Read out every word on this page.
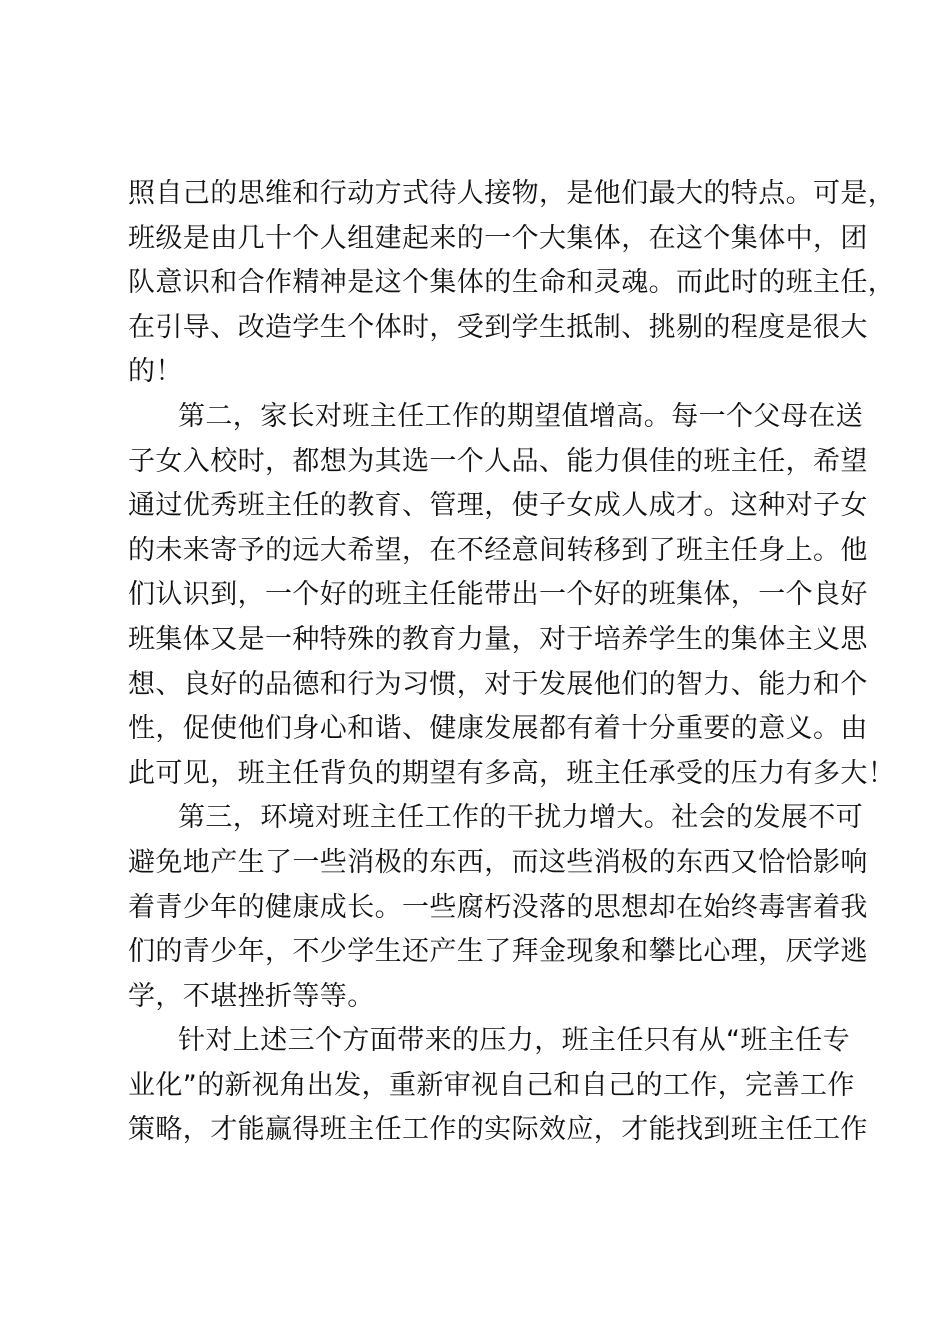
照自己的思维和行动方式待人接物，是他们最大的特点。可是，
班级是由几十个人组建起来的一个大集体，在这个集体中，团
队意识和合作精神是这个集体的生命和灵魂。而此时的班主任，
在引导、改造学生个体时，受到学生抵制、挑剔的程度是很大
的！
第二，家长对班主任工作的期望值增高。每一个父母在送
子女入校时，都想为其选一个人品、能力俱佳的班主任，希望
通过优秀班主任的教育、管理，使子女成人成才。这种对子女
的未来寄予的远大希望，在不经意间转移到了班主任身上。他
们认识到，一个好的班主任能带出一个好的班集体，一个良好
班集体又是一种特殊的教育力量，对于培养学生的集体主义思
想、良好的品德和行为习惯，对于发展他们的智力、能力和个
性，促使他们身心和谐、健康发展都有着十分重要的意义。由
此可见，班主任背负的期望有多高，班主任承受的压力有多大！
第三，环境对班主任工作的干扰力增大。社会的发展不可
避免地产生了一些消极的东西，而这些消极的东西又恰恰影响
着青少年的健康成长。一些腐朽没落的思想却在始终毒害着我
们的青少年，不少学生还产生了拜金现象和攀比心理，厌学逃
学，不堪挫折等等。
针对上述三个方面带来的压力，班主任只有从“班主任专
业化”的新视角出发，重新审视自己和自己的工作，完善工作
策略，才能赢得班主任工作的实际效应，才能找到班主任工作
